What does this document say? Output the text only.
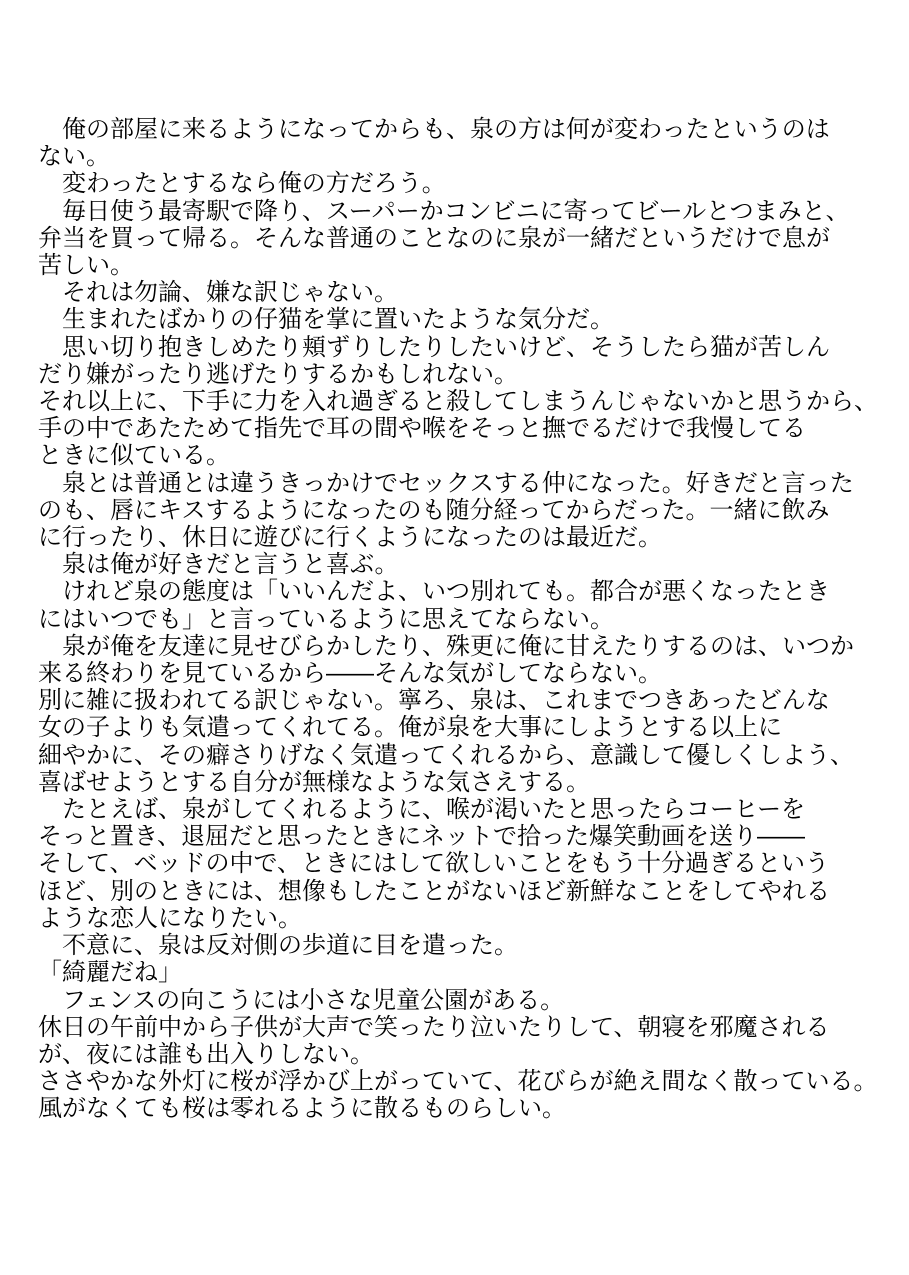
　俺の部屋に来るようになってからも、泉の方は何が変わったというのは

ない。

　変わったとするなら俺の方だろう。

　毎日使う最寄駅で降り、スーパーかコンビニに寄ってビールとつまみと、

弁当を買って帰る。そんな普通のことなのに泉が一緒だというだけで息が

苦しい。

　それは勿論、嫌な訳じゃない。

　生まれたばかりの仔猫を掌に置いたような気分だ。

　思い切り抱きしめたり頬ずりしたりしたいけど、そうしたら猫が苦しん

だり嫌がったり逃げたりするかもしれない。

それ以上に、下手に力を入れ過ぎると殺してしまうんじゃないかと思うから、

手の中であたためて指先で耳の間や喉をそっと撫でるだけで我慢してる

ときに似ている。

　泉とは普通とは違うきっかけでセックスする仲になった。好きだと言った

のも、唇にキスするようになったのも随分経ってからだった。一緒に飲み

に行ったり、休日に遊びに行くようになったのは最近だ。

　泉は俺が好きだと言うと喜ぶ。

　けれど泉の態度は「いいんだよ、いつ別れても。都合が悪くなったとき

にはいつでも」と言っているように思えてならない。

　泉が俺を友達に見せびらかしたり、殊更に俺に甘えたりするのは、いつか

来る終わりを見ているから――そんな気がしてならない。

別に雑に扱われてる訳じゃない。寧ろ、泉は、これまでつきあったどんな

女の子よりも気遣ってくれてる。俺が泉を大事にしようとする以上に

細やかに、その癖さりげなく気遣ってくれるから、意識して優しくしよう、

喜ばせようとする自分が無様なような気さえする。

　たとえば、泉がしてくれるように、喉が渇いたと思ったらコーヒーを

そっと置き、退屈だと思ったときにネットで拾った爆笑動画を送り――

そして、ベッドの中で、ときにはして欲しいことをもう十分過ぎるという

ほど、別のときには、想像もしたことがないほど新鮮なことをしてやれる

ような恋人になりたい。

　不意に、泉は反対側の歩道に目を遣った。

「綺麗だね」

　フェンスの向こうには小さな児童公園がある。

休日の午前中から子供が大声で笑ったり泣いたりして、朝寝を邪魔される

が、夜には誰も出入りしない。

ささやかな外灯に桜が浮かび上がっていて、花びらが絶え間なく散っている。

風がなくても桜は零れるように散るものらしい。
